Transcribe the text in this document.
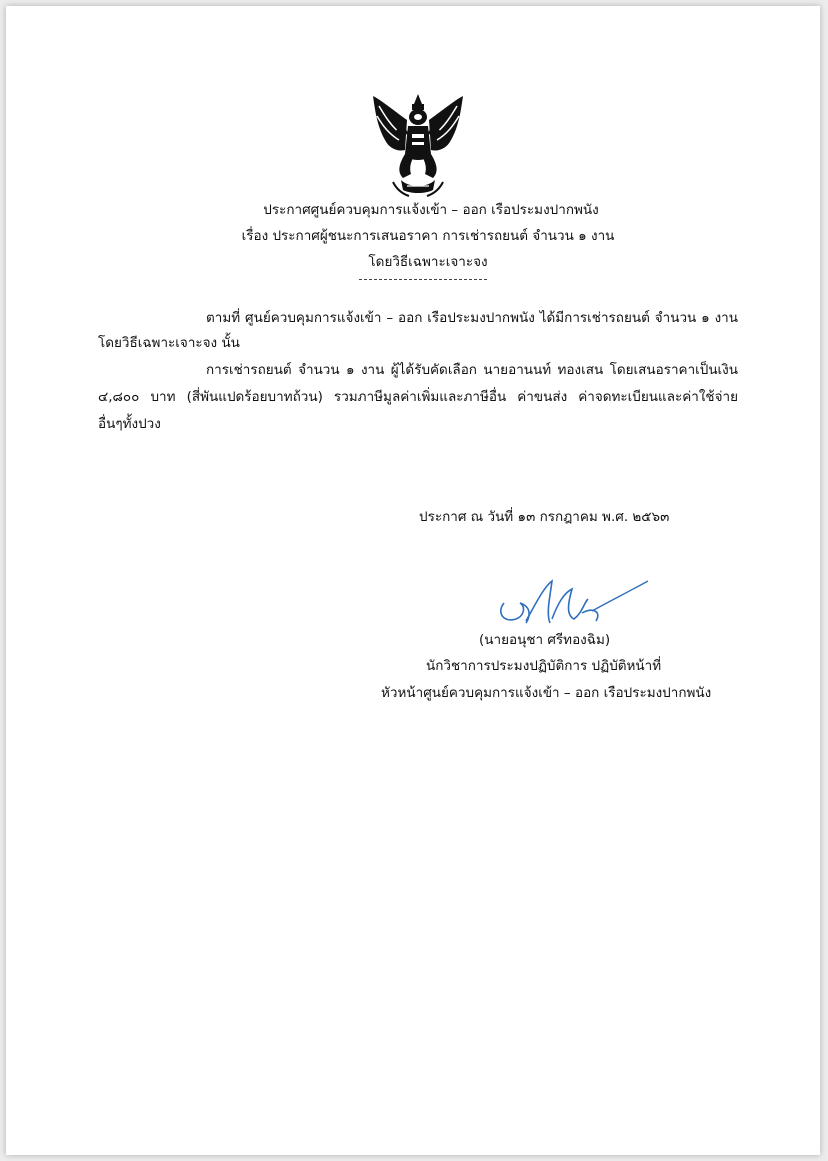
ประกาศศูนย์ควบคุมการแจ้งเข้า – ออก เรือประมงปากพนัง
เรื่อง ประกาศผู้ชนะการเสนอราคา การเช่ารถยนต์ จำนวน ๑ งาน
โดยวิธีเฉพาะเจาะจง
ตามที่ ศูนย์ควบคุมการแจ้งเข้า – ออก เรือประมงปากพนัง ได้มีการเช่ารถยนต์ จำนวน ๑ งาน
โดยวิธีเฉพาะเจาะจง นั้น
การเช่ารถยนต์ จำนวน ๑ งาน ผู้ได้รับคัดเลือก นายอานนท์ ทองเสน โดยเสนอราคาเป็นเงิน
๔,๘๐๐ บาท (สี่พันแปดร้อยบาทถ้วน) รวมภาษีมูลค่าเพิ่มและภาษีอื่น ค่าขนส่ง ค่าจดทะเบียนและค่าใช้จ่าย
อื่นๆทั้งปวง
ประกาศ ณ วันที่ ๑๓ กรกฎาคม พ.ศ. ๒๕๖๓
(นายอนุชา ศรีทองฉิม)
นักวิชาการประมงปฏิบัติการ ปฏิบัติหน้าที่
หัวหน้าศูนย์ควบคุมการแจ้งเข้า – ออก เรือประมงปากพนัง
